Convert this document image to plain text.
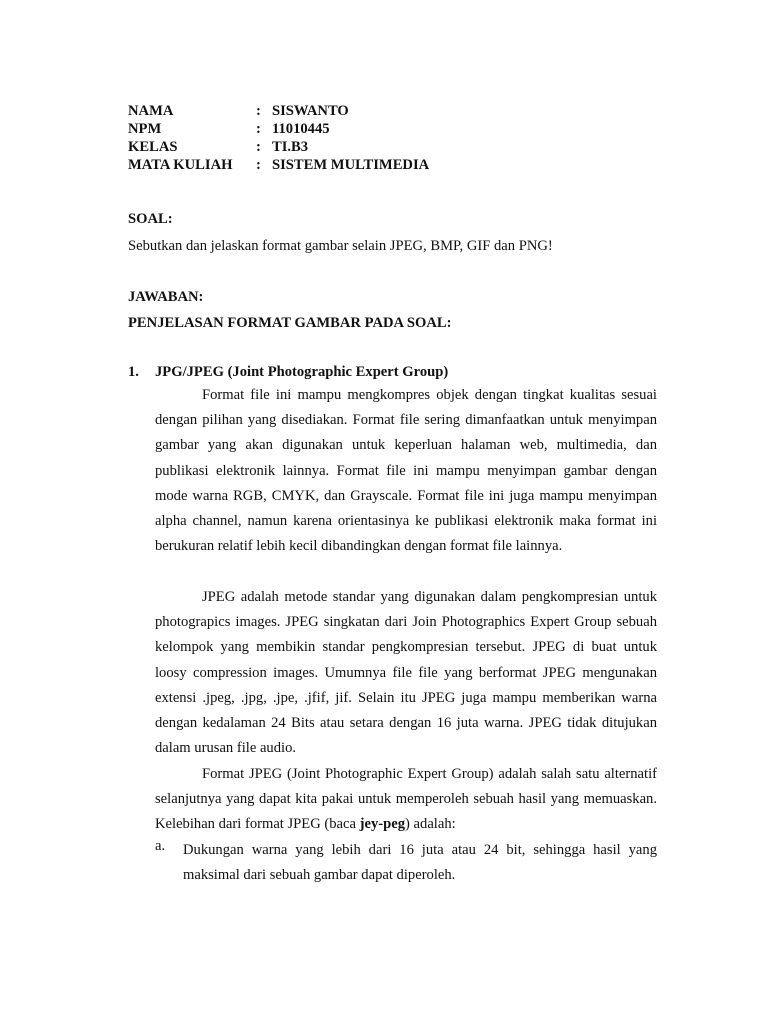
NAMA	: SISWANTO
NPM	: 11010445
KELAS	: TI.B3
MATA KULIAH	: SISTEM MULTIMEDIA
SOAL:
Sebutkan dan jelaskan format gambar selain JPEG, BMP, GIF dan PNG!
JAWABAN:
PENJELASAN FORMAT GAMBAR PADA SOAL:
1. JPG/JPEG (Joint Photographic Expert Group)

Format file ini mampu mengkompres objek dengan tingkat kualitas sesuai dengan pilihan yang disediakan. Format file sering dimanfaatkan untuk menyimpan gambar yang akan digunakan untuk keperluan halaman web, multimedia, dan publikasi elektronik lainnya. Format file ini mampu menyimpan gambar dengan mode warna RGB, CMYK, dan Grayscale. Format file ini juga mampu menyimpan alpha channel, namun karena orientasinya ke publikasi elektronik maka format ini berukuran relatif lebih kecil dibandingkan dengan format file lainnya.

JPEG adalah metode standar yang digunakan dalam pengkompresian untuk photograpics images. JPEG singkatan dari Join Photographics Expert Group sebuah kelompok yang membikin standar pengkompresian tersebut. JPEG di buat untuk loosy compression images. Umumnya file file yang berformat JPEG mengunakan extensi .jpeg, .jpg, .jpe, .jfif, jif. Selain itu JPEG juga mampu memberikan warna dengan kedalaman 24 Bits atau setara dengan 16 juta warna. JPEG tidak ditujukan dalam urusan file audio.

Format JPEG (Joint Photographic Expert Group) adalah salah satu alternatif selanjutnya yang dapat kita pakai untuk memperoleh sebuah hasil yang memuaskan. Kelebihan dari format JPEG (baca jey-peg) adalah:

a. Dukungan warna yang lebih dari 16 juta atau 24 bit, sehingga hasil yang maksimal dari sebuah gambar dapat diperoleh.
